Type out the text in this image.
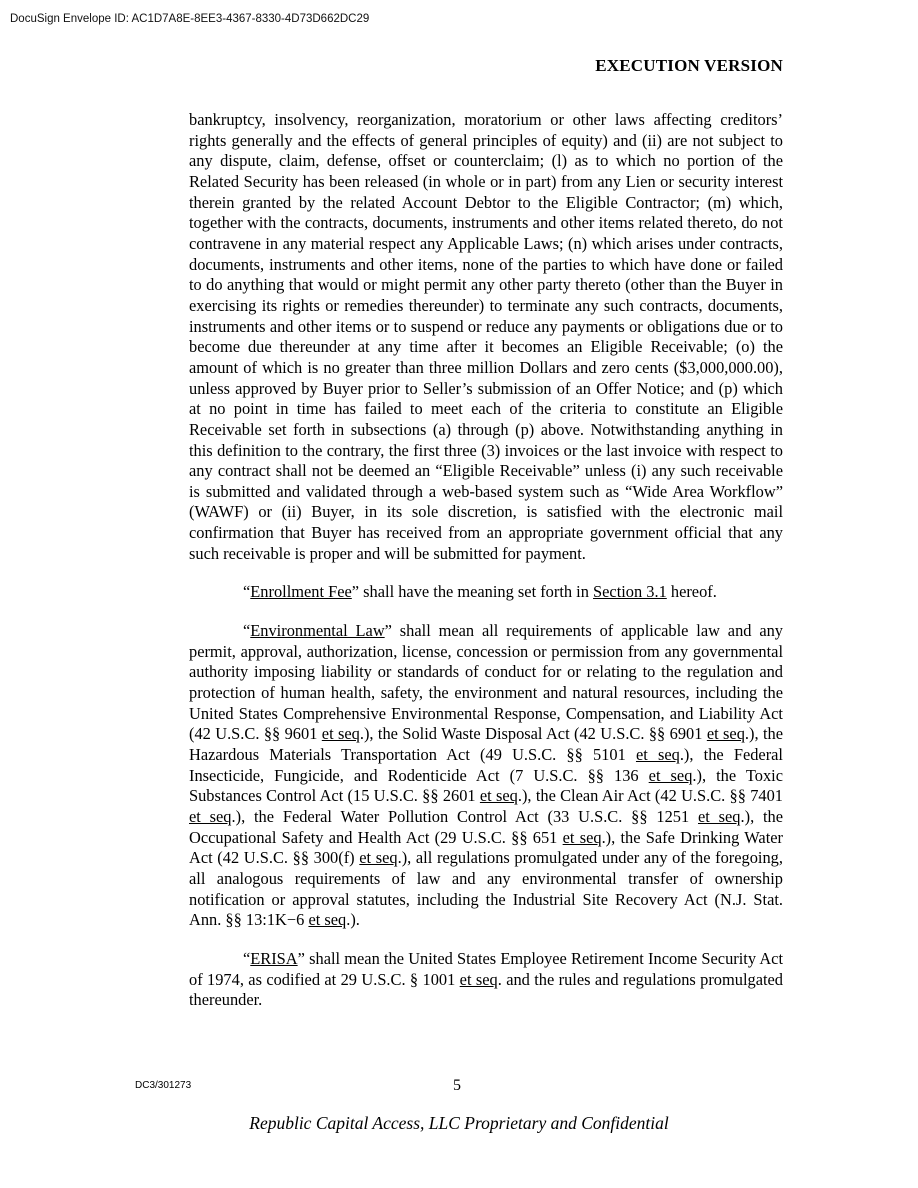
DocuSign Envelope ID: AC1D7A8E-8EE3-4367-8330-4D73D662DC29
EXECUTION VERSION

bankruptcy, insolvency, reorganization, moratorium or other laws affecting creditors’ rights generally and the effects of general principles of equity) and (ii) are not subject to any dispute, claim, defense, offset or counterclaim; (l) as to which no portion of the Related Security has been released (in whole or in part) from any Lien or security interest therein granted by the related Account Debtor to the Eligible Contractor; (m) which, together with the contracts, documents, instruments and other items related thereto, do not contravene in any material respect any Applicable Laws; (n) which arises under contracts, documents, instruments and other items, none of the parties to which have done or failed to do anything that would or might permit any other party thereto (other than the Buyer in exercising its rights or remedies thereunder) to terminate any such contracts, documents, instruments and other items or to suspend or reduce any payments or obligations due or to become due thereunder at any time after it becomes an Eligible Receivable; (o) the amount of which is no greater than three million Dollars and zero cents ($3,000,000.00), unless approved by Buyer prior to Seller’s submission of an Offer Notice; and (p) which at no point in time has failed to meet each of the criteria to constitute an Eligible Receivable set forth in subsections (a) through (p) above. Notwithstanding anything in this definition to the contrary, the first three (3) invoices or the last invoice with respect to any contract shall not be deemed an “Eligible Receivable” unless (i) any such receivable is submitted and validated through a web-based system such as “Wide Area Workflow” (WAWF) or (ii) Buyer, in its sole discretion, is satisfied with the electronic mail confirmation that Buyer has received from an appropriate government official that any such receivable is proper and will be submitted for payment.

“Enrollment Fee” shall have the meaning set forth in Section 3.1 hereof.

“Environmental Law” shall mean all requirements of applicable law and any permit, approval, authorization, license, concession or permission from any governmental authority imposing liability or standards of conduct for or relating to the regulation and protection of human health, safety, the environment and natural resources, including the United States Comprehensive Environmental Response, Compensation, and Liability Act (42 U.S.C. §§ 9601 et seq.), the Solid Waste Disposal Act (42 U.S.C. §§ 6901 et seq.), the Hazardous Materials Transportation Act (49 U.S.C. §§ 5101 et seq.), the Federal Insecticide, Fungicide, and Rodenticide Act (7 U.S.C. §§ 136 et seq.), the Toxic Substances Control Act (15 U.S.C. §§ 2601 et seq.), the Clean Air Act (42 U.S.C. §§ 7401 et seq.), the Federal Water Pollution Control Act (33 U.S.C. §§ 1251 et seq.), the Occupational Safety and Health Act (29 U.S.C. §§ 651 et seq.), the Safe Drinking Water Act (42 U.S.C. §§ 300(f) et seq.), all regulations promulgated under any of the foregoing, all analogous requirements of law and any environmental transfer of ownership notification or approval statutes, including the Industrial Site Recovery Act (N.J. Stat. Ann. §§ 13:1K−6 et seq.).

“ERISA” shall mean the United States Employee Retirement Income Security Act of 1974, as codified at 29 U.S.C. § 1001 et seq. and the rules and regulations promulgated thereunder.

DC3/301273	5
Republic Capital Access, LLC Proprietary and Confidential
